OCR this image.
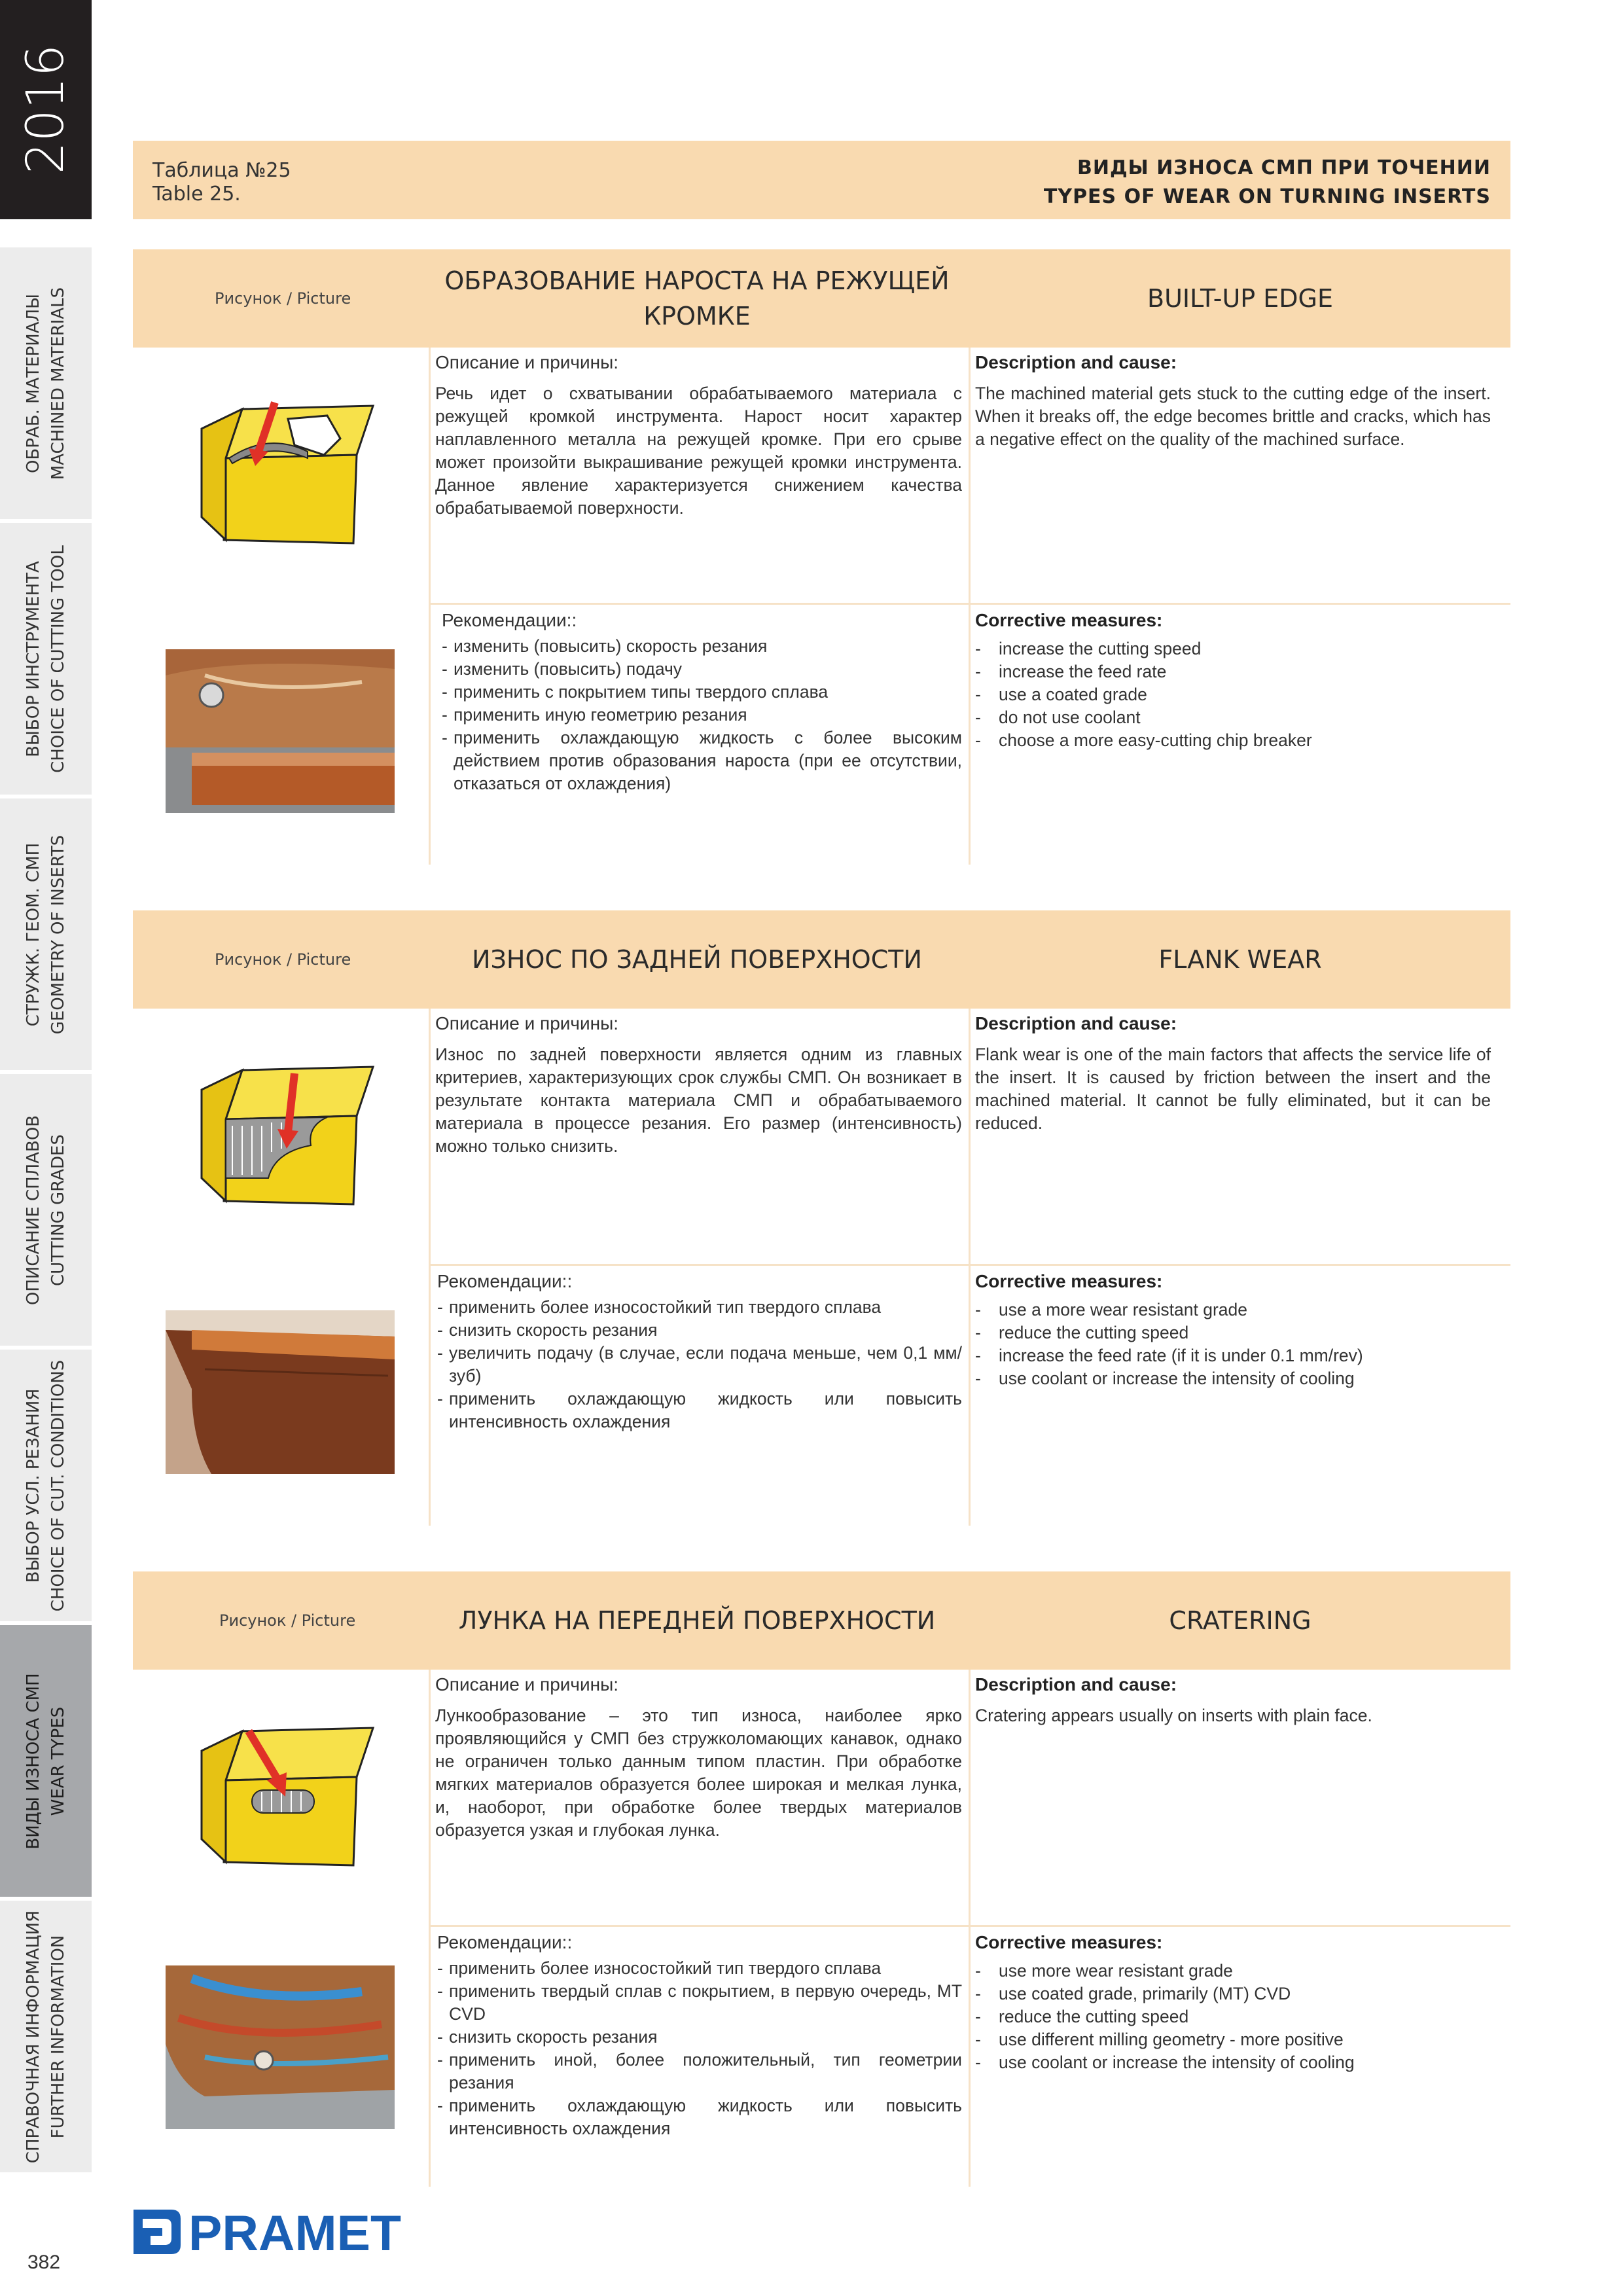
2016
ОБРАБ. МАТЕРИАЛЫ MACHINED MATERIALS
ВЫБОР ИНСТРУМЕНТА CHOICE OF CUTTING TOOL
СТРУЖК. ГЕОМ. СМП GEOMETRY OF INSERTS
ОПИСАНИЕ СПЛАВОВ CUTTING GRADES
ВЫБОР УСЛ. РЕЗАНИЯ CHOICE OF CUT. CONDITIONS
ВИДЫ ИЗНОСА СМП WEAR TYPES
СПРАВОЧНАЯ ИНФОРМАЦИЯ FURTHER INFORMATION
382
Таблица №25
Table 25.
ВИДЫ ИЗНОСА СМП ПРИ ТОЧЕНИИ
TYPES OF WEAR ON TURNING INSERTS
Рисунок / Picture
ОБРАЗОВАНИЕ НАРОСТА НА РЕЖУЩЕЙ КРОМКЕ
BUILT-UP EDGE
Описание и причины:

Речь идет о схватывании обрабатываемого материала с режущей кромкой инструмента. Нарост носит характер наплавленного металла на режущей кромке. При его срыве может произойти выкрашивание режущей кромки инструмента. Данное явление характеризуется снижением качества обрабатываемой поверхности.

Description and cause:

The machined material gets stuck to the cutting edge of the insert. When it breaks off, the edge becomes brittle and cracks, which has a negative effect on the quality of the machined surface.

Рекомендации::
- изменить (повысить) скорость резания
- изменить (повысить) подачу
- применить с покрытием типы твердого сплава
- применить иную геометрию резания
- применить охлаждающую жидкость с более высоким действием против образования нароста (при ее отсутствии, отказаться от охлаждения)
Corrective measures:
- increase the cutting speed
- increase the feed rate
- use a coated grade
- do not use coolant
- choose a more easy-cutting chip breaker
Рисунок / Picture	ИЗНОС ПО ЗАДНЕЙ ПОВЕРХНОСТИ	FLANK WEAR
Описание и причины:

Износ по задней поверхности является одним из главных критериев, характеризующих срок службы СМП. Он возникает в результате контакта материала СМП и обрабатываемого материала в процессе резания. Его размер (интенсивность) можно только снизить.

Description and cause:

Flank wear is one of the main factors that affects the service life of the insert. It is caused by friction between the insert and the machined material. It cannot be fully eliminated, but it can be reduced.

Рекомендации::
- применить более износостойкий тип твердого сплава
- снизить скорость резания
- увеличить подачу (в случае, если подача меньше, чем 0,1 мм/зуб)
- применить охлаждающую жидкость или повысить интенсивность охлаждения
Corrective measures:
- use a more wear resistant grade
- reduce the cutting speed
- increase the feed rate (if it is under 0.1 mm/rev)
- use coolant or increase the intensity of cooling
Рисунок / Picture	ЛУНКА НА ПЕРЕДНЕЙ ПОВЕРХНОСТИ	CRATERING
Описание и причины:

Лункообразование – это тип износа, наиболее ярко проявляющийся у СМП без стружколомающих канавок, однако не ограничен только данным типом пластин. При обработке мягких материалов образуется более широкая и мелкая лунка, и, наоборот, при обработке более твердых материалов образуется узкая и глубокая лунка.

Description and cause:

Cratering appears usually on inserts with plain face.

Рекомендации::
- применить более износостойкий тип твердого сплава
- применить твердый сплав с покрытием, в первую очередь, МТ CVD
- снизить скорость резания
- применить иной, более положительный, тип геометрии резания
- применить охлаждающую жидкость или повысить интенсивность охлаждения
Corrective measures:
- use more wear resistant grade
- use coated grade, primarily (MT) CVD
- reduce the cutting speed
- use different milling geometry - more positive
- use coolant or increase the intensity of cooling
PRAMET
